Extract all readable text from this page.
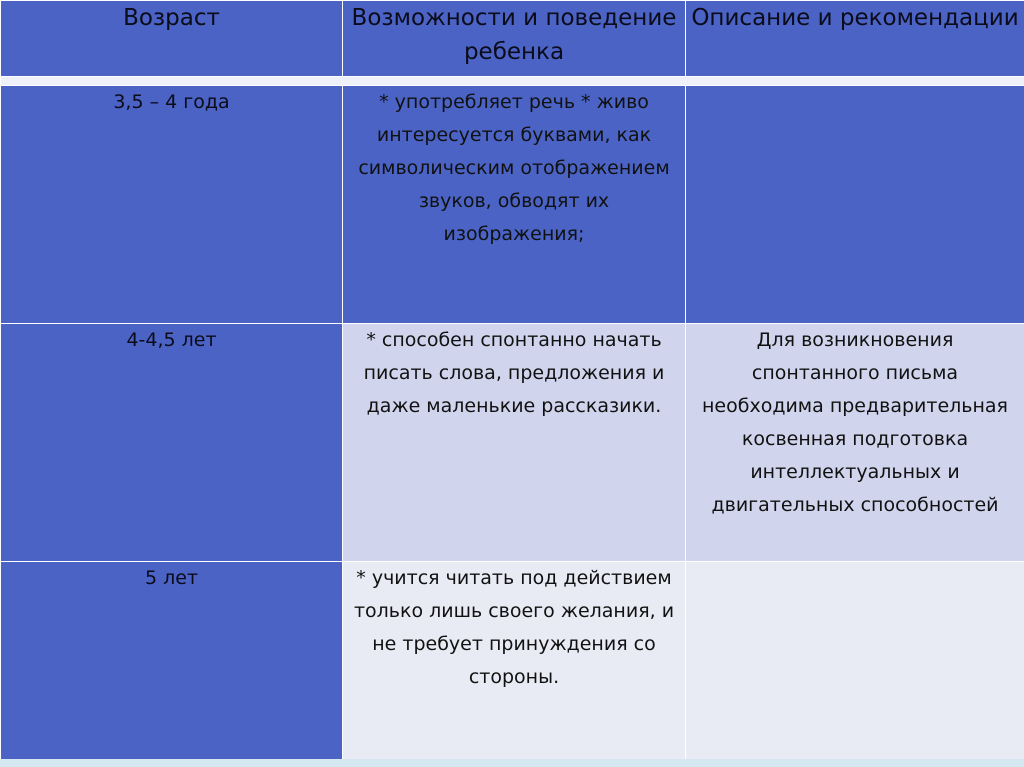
Возраст	Возможности и поведение ребенка	Описание и рекомендации

3,5 – 4 года	* употребляет речь * живо интересуется буквами, как символическим отображением звуков, обводят их изображения;	
4-4,5 лет	* способен спонтанно начать писать слова, предложения и даже маленькие рассказики.	Для возникновения спонтанного письма необходима предварительная косвенная подготовка интеллектуальных и двигательных способностей
5 лет	* учится читать под действием только лишь своего желания, и не требует принуждения со стороны.	
